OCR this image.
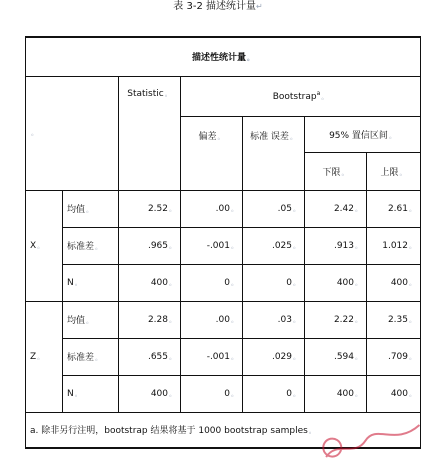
表 3-2 描述统计量↵
描述性统计量。						
。		Statistic。	Bootstrap$^a$。			
			偏差。	标准 误差。	95% 置信区间。	
					下限。	上限。
X。	均值。	2.52。	.00。	.05。	2.42。	2.61。
	标准差。	.965。	-.001。	.025。	.913。	1.012。
	N。	400。	0。	0。	400。	400。
Z。	均值。	2.28。	.00。	.03。	2.22。	2.35。
	标准差。	.655。	-.001。	.029。	.594。	.709。
	N。	400。	0。	0。	400。	400。
a. 除非另行注明，bootstrap 结果将基于 1000 bootstrap samples。						
